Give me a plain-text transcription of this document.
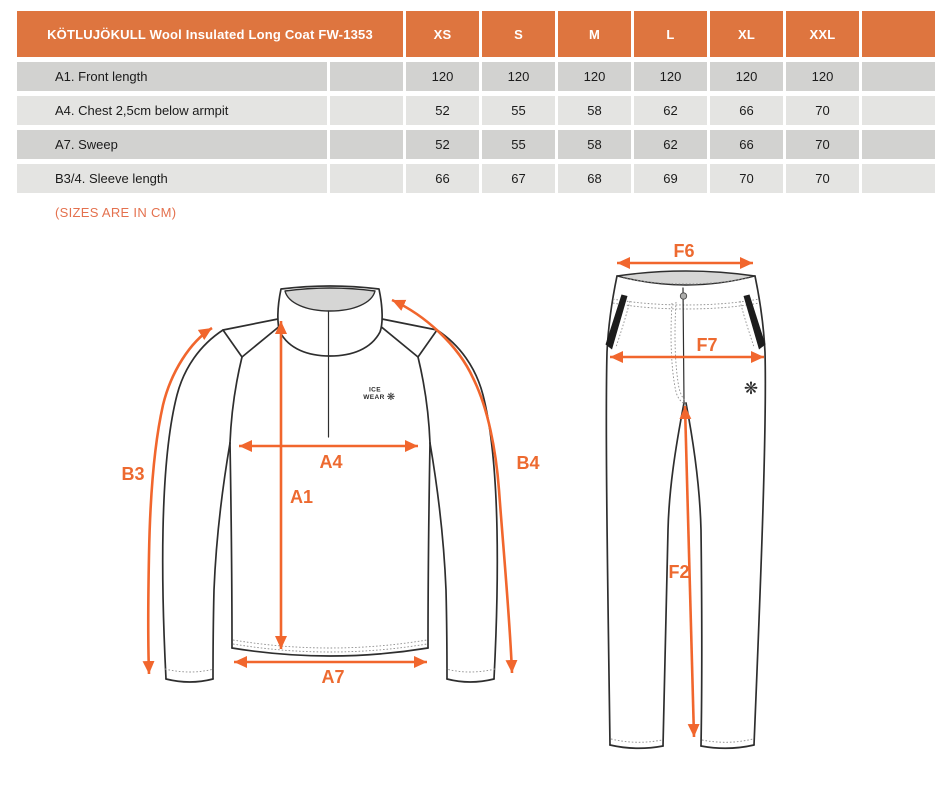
KÖTLUJÖKULL Wool Insulated Long Coat FW-1353	XS	S	M	L	XL	XXL
A1. Front length	120	120	120	120	120	120
A4. Chest 2,5cm below armpit	52	55	58	62	66	70
A7. Sweep	52	55	58	62	66	70
B3/4. Sleeve length	66	67	68	69	70	70
(SIZES ARE IN CM)
ICE
WEAR ❋
B3
B4
A4
A1
A7
❋
F6
F7
F2
